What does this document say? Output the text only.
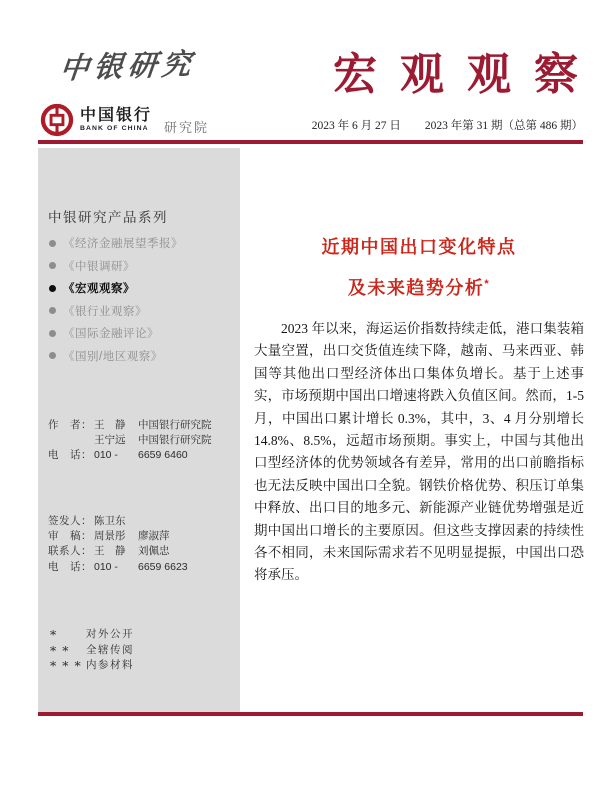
中银研究	宏 观 观 察
中国银行
BANK OF CHINA 研究院	2023 年 6 月 27 日 2023 年第 31 期（总第 486 期）
中银研究产品系列
《经济金融展望季报》
《中银调研》
《宏观观察》
《银行业观察》
《国际金融评论》
《国别/地区观察》
作　者： 王　静	中国银行研究院
王宁远	中国银行研究院
电　话： 010 -	6659 6460
签发人： 陈卫东
审　稿： 周景彤	廖淑萍
联系人： 王　静	刘佩忠
电　话： 010 -	6659 6623
*	对外公开
* *	全辖传阅
* * * 内参材料
近期中国出口变化特点
及未来趋势分析*

2023 年以来，海运运价指数持续走低，港口集装箱大量空置，出口交货值连续下降，越南、马来西亚、韩国等其他出口型经济体出口集体负增长。基于上述事实，市场预期中国出口增速将跌入负值区间。然而，1-5 月，中国出口累计增长 0.3%，其中，3、4 月分别增长 14.8%、8.5%，远超市场预期。事实上，中国与其他出口型经济体的优势领域各有差异，常用的出口前瞻指标也无法反映中国出口全貌。钢铁价格优势、积压订单集中释放、出口目的地多元、新能源产业链优势增强是近期中国出口增长的主要原因。但这些支撑因素的持续性各不相同，未来国际需求若不见明显提振，中国出口恐将承压。
